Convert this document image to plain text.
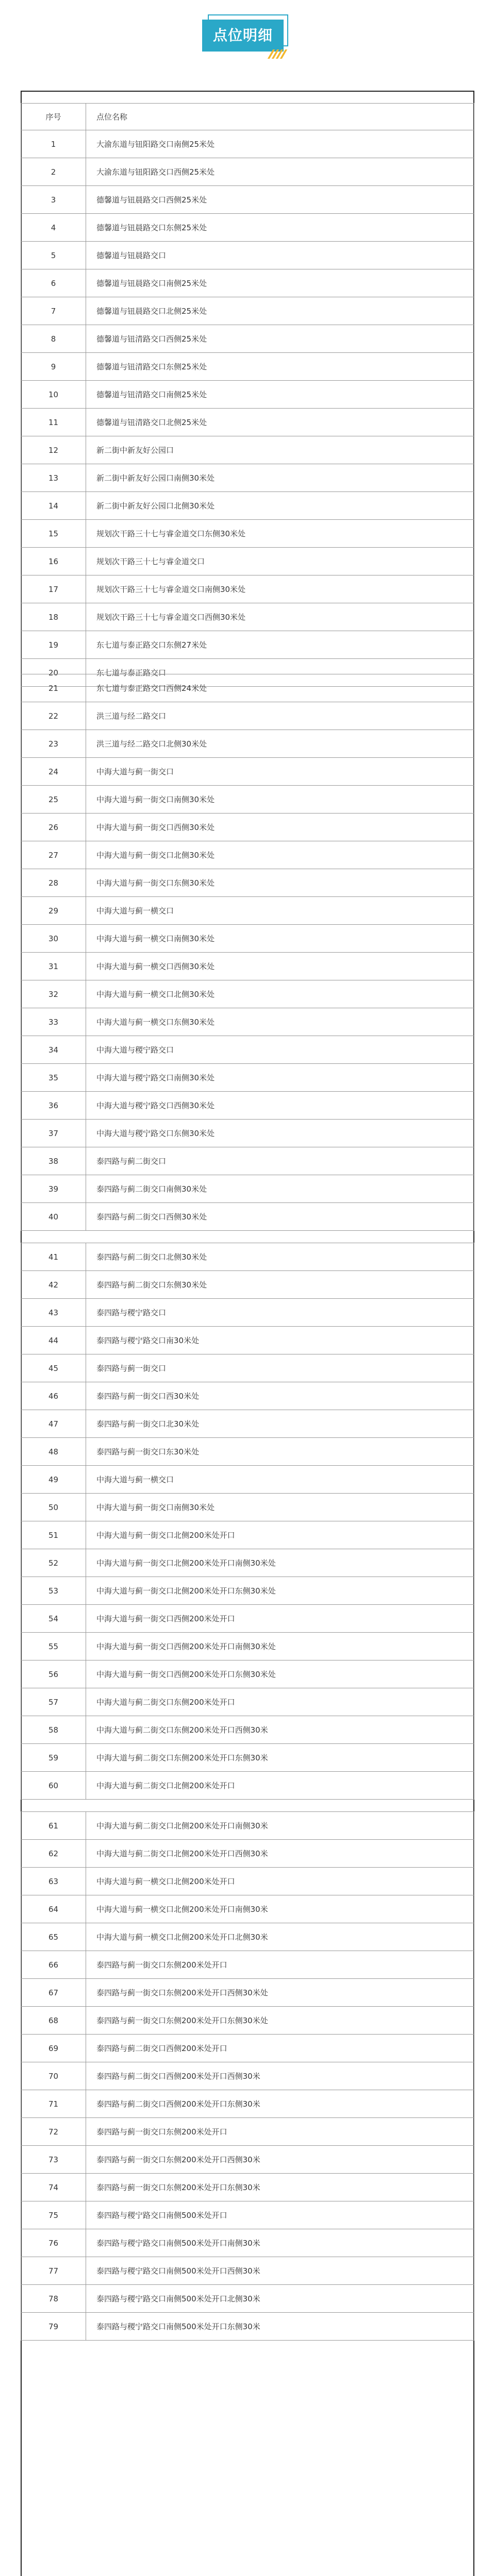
点位明细
序号	点位名称
1	大渝东道与钮阳路交口南侧25米处
2	大渝东道与钮阳路交口西侧25米处
3	德馨道与钮晨路交口西侧25米处
4	德馨道与钮晨路交口东侧25米处
5	德馨道与钮晨路交口
6	德馨道与钮晨路交口南侧25米处
7	德馨道与钮晨路交口北侧25米处
8	德馨道与钮清路交口西侧25米处
9	德馨道与钮清路交口东侧25米处
10	德馨道与钮清路交口南侧25米处
11	德馨道与钮清路交口北侧25米处
12	新二街中新友好公园口
13	新二街中新友好公园口南侧30米处
14	新二街中新友好公园口北侧30米处
15	规划次干路三十七与睿金道交口东侧30米处
16	规划次干路三十七与睿金道交口
17	规划次干路三十七与睿金道交口南侧30米处
18	规划次干路三十七与睿金道交口西侧30米处
19	东七道与泰正路交口东侧27米处
20	东七道与泰正路交口
21	东七道与泰正路交口西侧24米处
22	洪三道与经二路交口
23	洪三道与经二路交口北侧30米处
24	中海大道与蓟一街交口
25	中海大道与蓟一街交口南侧30米处
26	中海大道与蓟一街交口西侧30米处
27	中海大道与蓟一街交口北侧30米处
28	中海大道与蓟一街交口东侧30米处
29	中海大道与蓟一横交口
30	中海大道与蓟一横交口南侧30米处
31	中海大道与蓟一横交口西侧30米处
32	中海大道与蓟一横交口北侧30米处
33	中海大道与蓟一横交口东侧30米处
34	中海大道与稷宁路交口
35	中海大道与稷宁路交口南侧30米处
36	中海大道与稷宁路交口西侧30米处
37	中海大道与稷宁路交口东侧30米处
38	泰四路与蓟二街交口
39	泰四路与蓟二街交口南侧30米处
40	泰四路与蓟二街交口西侧30米处
41	泰四路与蓟二街交口北侧30米处
42	泰四路与蓟二街交口东侧30米处
43	泰四路与稷宁路交口
44	泰四路与稷宁路交口南30米处
45	泰四路与蓟一街交口
46	泰四路与蓟一街交口西30米处
47	泰四路与蓟一街交口北30米处
48	泰四路与蓟一街交口东30米处
49	中海大道与蓟一横交口
50	中海大道与蓟一街交口南侧30米处
51	中海大道与蓟一街交口北侧200米处开口
52	中海大道与蓟一街交口北侧200米处开口南侧30米处
53	中海大道与蓟一街交口北侧200米处开口东侧30米处
54	中海大道与蓟一街交口西侧200米处开口
55	中海大道与蓟一街交口西侧200米处开口南侧30米处
56	中海大道与蓟一街交口西侧200米处开口东侧30米处
57	中海大道与蓟二街交口东侧200米处开口
58	中海大道与蓟二街交口东侧200米处开口西侧30米
59	中海大道与蓟二街交口东侧200米处开口东侧30米
60	中海大道与蓟二街交口北侧200米处开口
61	中海大道与蓟二街交口北侧200米处开口南侧30米
62	中海大道与蓟二街交口北侧200米处开口西侧30米
63	中海大道与蓟一横交口北侧200米处开口
64	中海大道与蓟一横交口北侧200米处开口南侧30米
65	中海大道与蓟一横交口北侧200米处开口北侧30米
66	泰四路与蓟一街交口东侧200米处开口
67	泰四路与蓟一街交口东侧200米处开口西侧30米处
68	泰四路与蓟一街交口东侧200米处开口东侧30米处
69	泰四路与蓟二街交口西侧200米处开口
70	泰四路与蓟二街交口西侧200米处开口西侧30米
71	泰四路与蓟二街交口西侧200米处开口东侧30米
72	泰四路与蓟一街交口东侧200米处开口
73	泰四路与蓟一街交口东侧200米处开口西侧30米
74	泰四路与蓟一街交口东侧200米处开口东侧30米
75	泰四路与稷宁路交口南侧500米处开口
76	泰四路与稷宁路交口南侧500米处开口南侧30米
77	泰四路与稷宁路交口南侧500米处开口西侧30米
78	泰四路与稷宁路交口南侧500米处开口北侧30米
79	泰四路与稷宁路交口南侧500米处开口东侧30米
